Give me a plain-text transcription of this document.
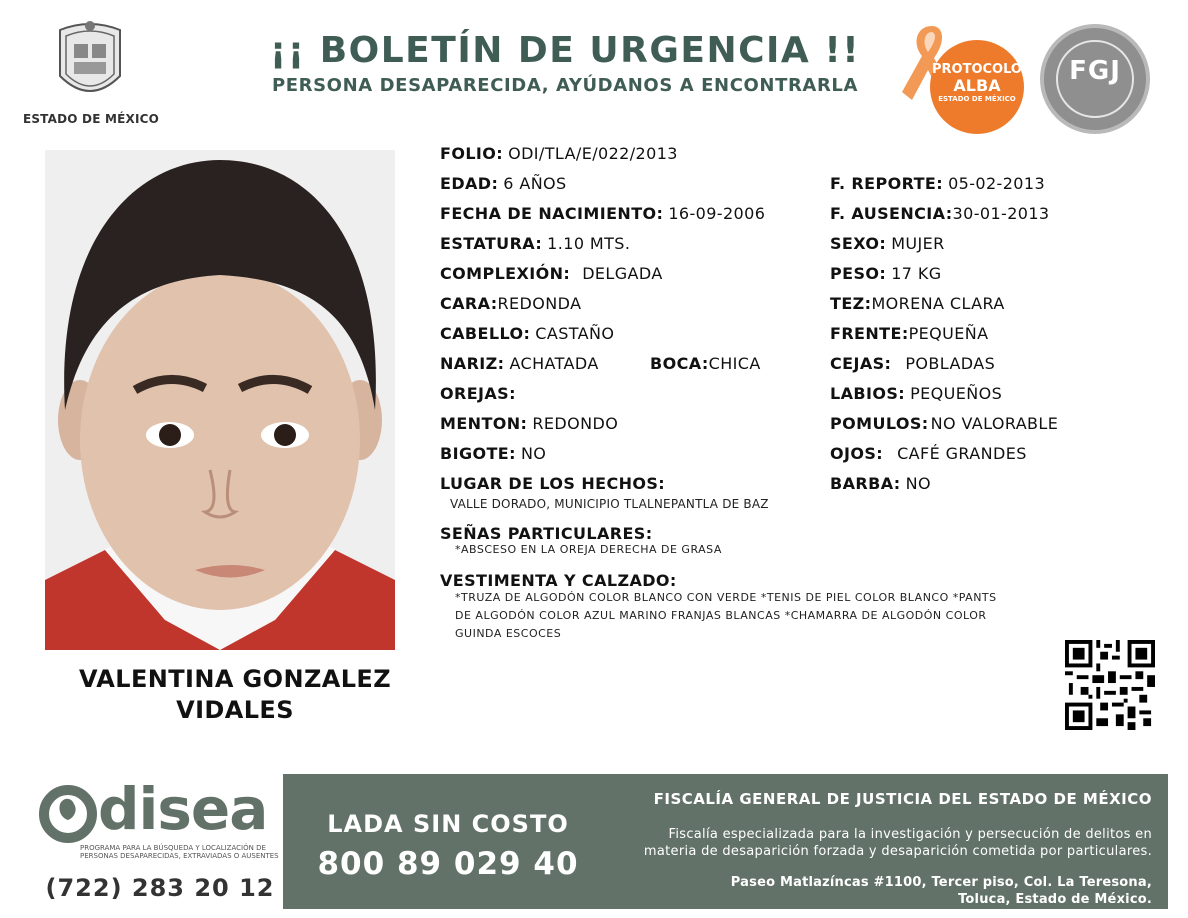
ESTADO DE MÉXICO
¡¡ BOLETÍN DE URGENCIA !!
PERSONA DESAPARECIDA, AYÚDANOS A ENCONTRARLA
PROTOCOLO
ALBA
ESTADO DE MÉXICO
FGJ
VALENTINA GONZALEZ
VIDALES
FOLIO: ODI/TLA/E/022/2013
EDAD: 6 AÑOS
FECHA DE NACIMIENTO: 16-09-2006
ESTATURA: 1.10 MTS.
COMPLEXIÓN: DELGADA
CARA:REDONDA
CABELLO: CASTAÑO
NARIZ: ACHATADA	BOCA:CHICA
OREJAS:
MENTON: REDONDO
BIGOTE: NO
F. REPORTE: 05-02-2013
F. AUSENCIA:30-01-2013
SEXO: MUJER
PESO: 17 KG
TEZ:MORENA CLARA
FRENTE:PEQUEÑA
CEJAS: POBLADAS
LABIOS: PEQUEÑOS
POMULOS: NO VALORABLE
OJOS: CAFÉ GRANDES
BARBA: NO
LUGAR DE LOS HECHOS:
VALLE DORADO, MUNICIPIO TLALNEPANTLA DE BAZ
SEÑAS PARTICULARES:
*ABSCESO EN LA OREJA DERECHA DE GRASA
VESTIMENTA Y CALZADO:
*TRUZA DE ALGODÓN COLOR BLANCO CON VERDE *TENIS DE PIEL COLOR BLANCO *PANTS
DE ALGODÓN COLOR AZUL MARINO FRANJAS BLANCAS *CHAMARRA DE ALGODÓN COLOR
GUINDA ESCOCES
disea
PROGRAMA PARA LA BÚSQUEDA Y LOCALIZACIÓN DE PERSONAS DESAPARECIDAS, EXTRAVIADAS O AUSENTES
(722) 283 20 12
LADA SIN COSTO
800 89 029 40
FISCALÍA GENERAL DE JUSTICIA DEL ESTADO DE MÉXICO
Fiscalía especializada para la investigación y persecución de delitos en
materia de desaparición forzada y desaparición cometida por particulares.
Paseo Matlazíncas #1100, Tercer piso, Col. La Teresona,
Toluca, Estado de México.
